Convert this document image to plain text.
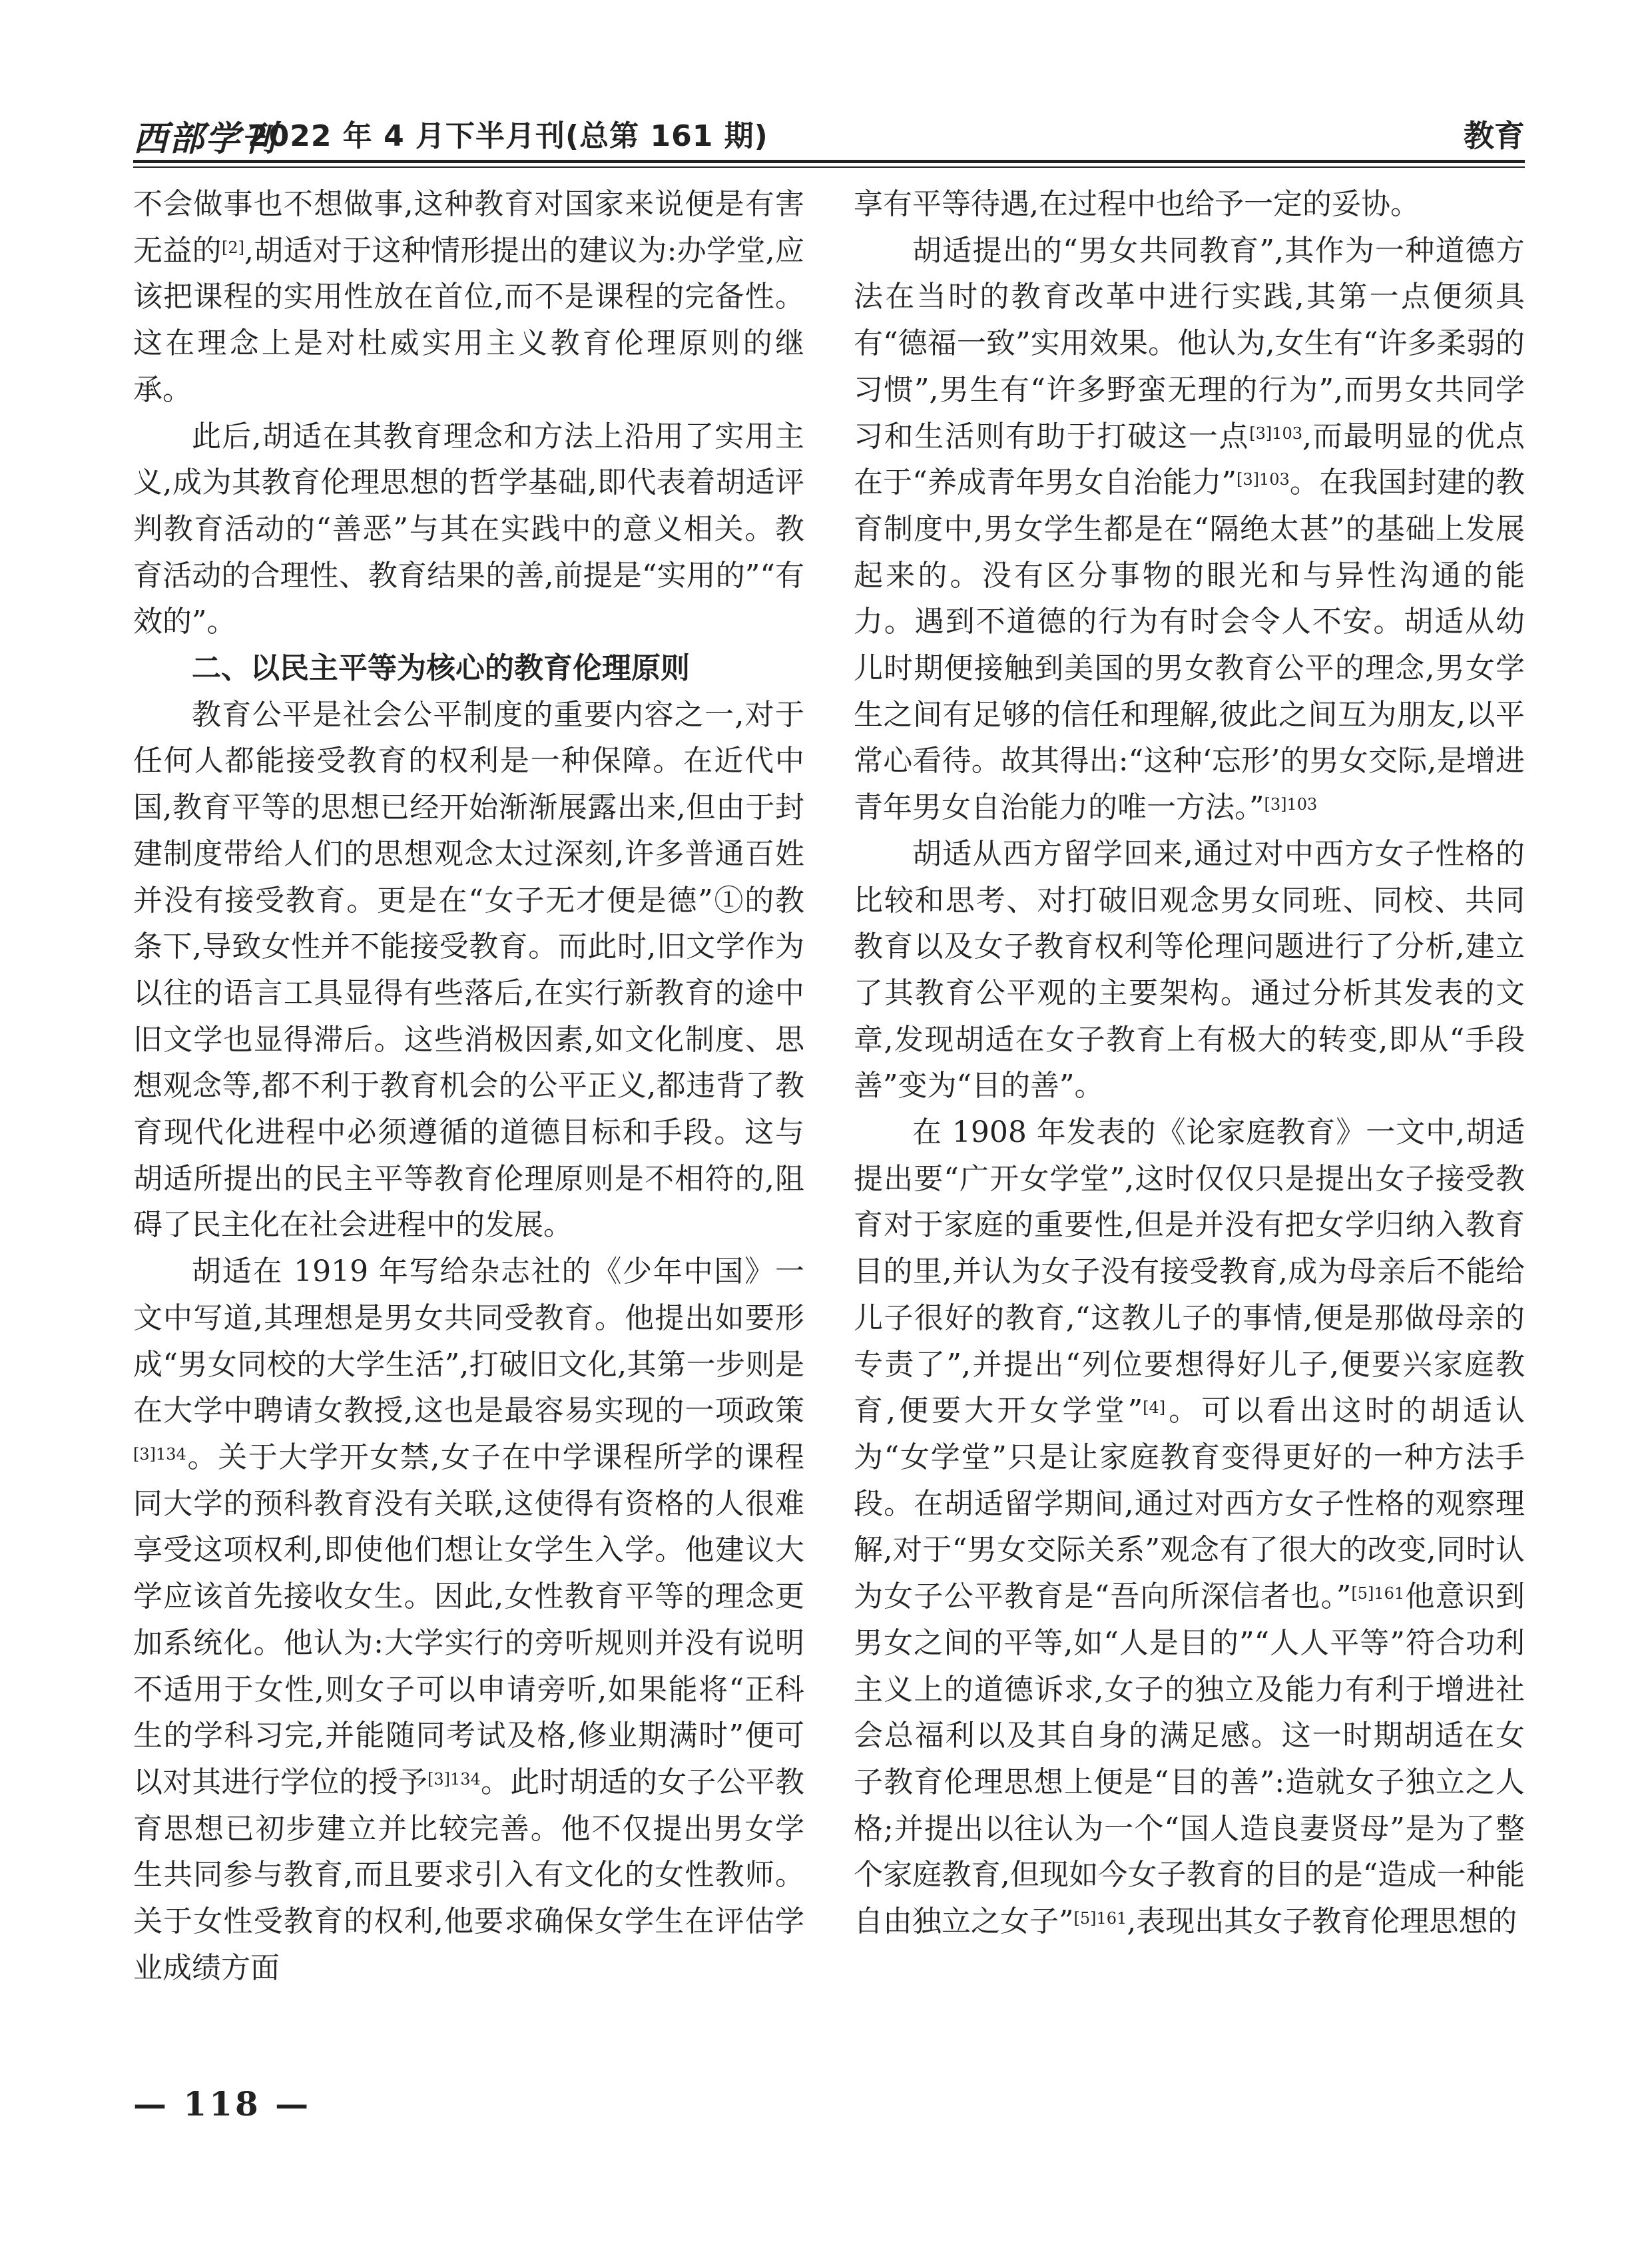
西部学刊
2022 年 4 月下半月刊(总第 161 期)	教育

不会做事也不想做事,这种教育对国家来说便是有害无益的[2],胡适对于这种情形提出的建议为:办学堂,应该把课程的实用性放在首位,而不是课程的完备性。这在理念上是对杜威实用主义教育伦理原则的继承。

此后,胡适在其教育理念和方法上沿用了实用主义,成为其教育伦理思想的哲学基础,即代表着胡适评判教育活动的“善恶”与其在实践中的意义相关。教育活动的合理性、教育结果的善,前提是“实用的”“有效的”。

二、以民主平等为核心的教育伦理原则

教育公平是社会公平制度的重要内容之一,对于任何人都能接受教育的权利是一种保障。在近代中国,教育平等的思想已经开始渐渐展露出来,但由于封建制度带给人们的思想观念太过深刻,许多普通百姓并没有接受教育。更是在“女子无才便是德”①的教条下,导致女性并不能接受教育。而此时,旧文学作为以往的语言工具显得有些落后,在实行新教育的途中旧文学也显得滞后。这些消极因素,如文化制度、思想观念等,都不利于教育机会的公平正义,都违背了教育现代化进程中必须遵循的道德目标和手段。这与胡适所提出的民主平等教育伦理原则是不相符的,阻碍了民主化在社会进程中的发展。

胡适在 1919 年写给杂志社的《少年中国》一文中写道,其理想是男女共同受教育。他提出如要形成“男女同校的大学生活”,打破旧文化,其第一步则是在大学中聘请女教授,这也是最容易实现的一项政策$^{[3]134}$。关于大学开女禁,女子在中学课程所学的课程同大学的预科教育没有关联,这使得有资格的人很难享受这项权利,即使他们想让女学生入学。他建议大学应该首先接收女生。因此,女性教育平等的理念更加系统化。他认为:大学实行的旁听规则并没有说明不适用于女性,则女子可以申请旁听,如果能将“正科生的学科习完,并能随同考试及格,修业期满时”便可以对其进行学位的授予$^{[3]134}$。此时胡适的女子公平教育思想已初步建立并比较完善。他不仅提出男女学生共同参与教育,而且要求引入有文化的女性教师。关于女性受教育的权利,他要求确保女学生在评估学业成绩方面

享有平等待遇,在过程中也给予一定的妥协。

胡适提出的“男女共同教育”,其作为一种道德方法在当时的教育改革中进行实践,其第一点便须具有“德福一致”实用效果。他认为,女生有“许多柔弱的习惯”,男生有“许多野蛮无理的行为”,而男女共同学习和生活则有助于打破这一点$^{[3]103}$,而最明显的优点在于“养成青年男女自治能力”$^{[3]103}$。在我国封建的教育制度中,男女学生都是在“隔绝太甚”的基础上发展起来的。没有区分事物的眼光和与异性沟通的能力。遇到不道德的行为有时会令人不安。胡适从幼儿时期便接触到美国的男女教育公平的理念,男女学生之间有足够的信任和理解,彼此之间互为朋友,以平常心看待。故其得出:“这种‘忘形’的男女交际,是增进青年男女自治能力的唯一方法。”$^{[3]103}$

胡适从西方留学回来,通过对中西方女子性格的比较和思考、对打破旧观念男女同班、同校、共同教育以及女子教育权利等伦理问题进行了分析,建立了其教育公平观的主要架构。通过分析其发表的文章,发现胡适在女子教育上有极大的转变,即从“手段善”变为“目的善”。

在 1908 年发表的《论家庭教育》一文中,胡适提出要“广开女学堂”,这时仅仅只是提出女子接受教育对于家庭的重要性,但是并没有把女学归纳入教育目的里,并认为女子没有接受教育,成为母亲后不能给儿子很好的教育,“这教儿子的事情,便是那做母亲的专责了”,并提出“列位要想得好儿子,便要兴家庭教育,便要大开女学堂”[4]。可以看出这时的胡适认为“女学堂”只是让家庭教育变得更好的一种方法手段。在胡适留学期间,通过对西方女子性格的观察理解,对于“男女交际关系”观念有了很大的改变,同时认为女子公平教育是“吾向所深信者也。”$^{[5]161}$他意识到男女之间的平等,如“人是目的”“人人平等”符合功利主义上的道德诉求,女子的独立及能力有利于增进社会总福利以及其自身的满足感。这一时期胡适在女子教育伦理思想上便是“目的善”:造就女子独立之人格;并提出以往认为一个“国人造良妻贤母”是为了整个家庭教育,但现如今女子教育的目的是“造成一种能自由独立之女子”$^{[5]161}$,表现出其女子教育伦理思想的

— 118 —
